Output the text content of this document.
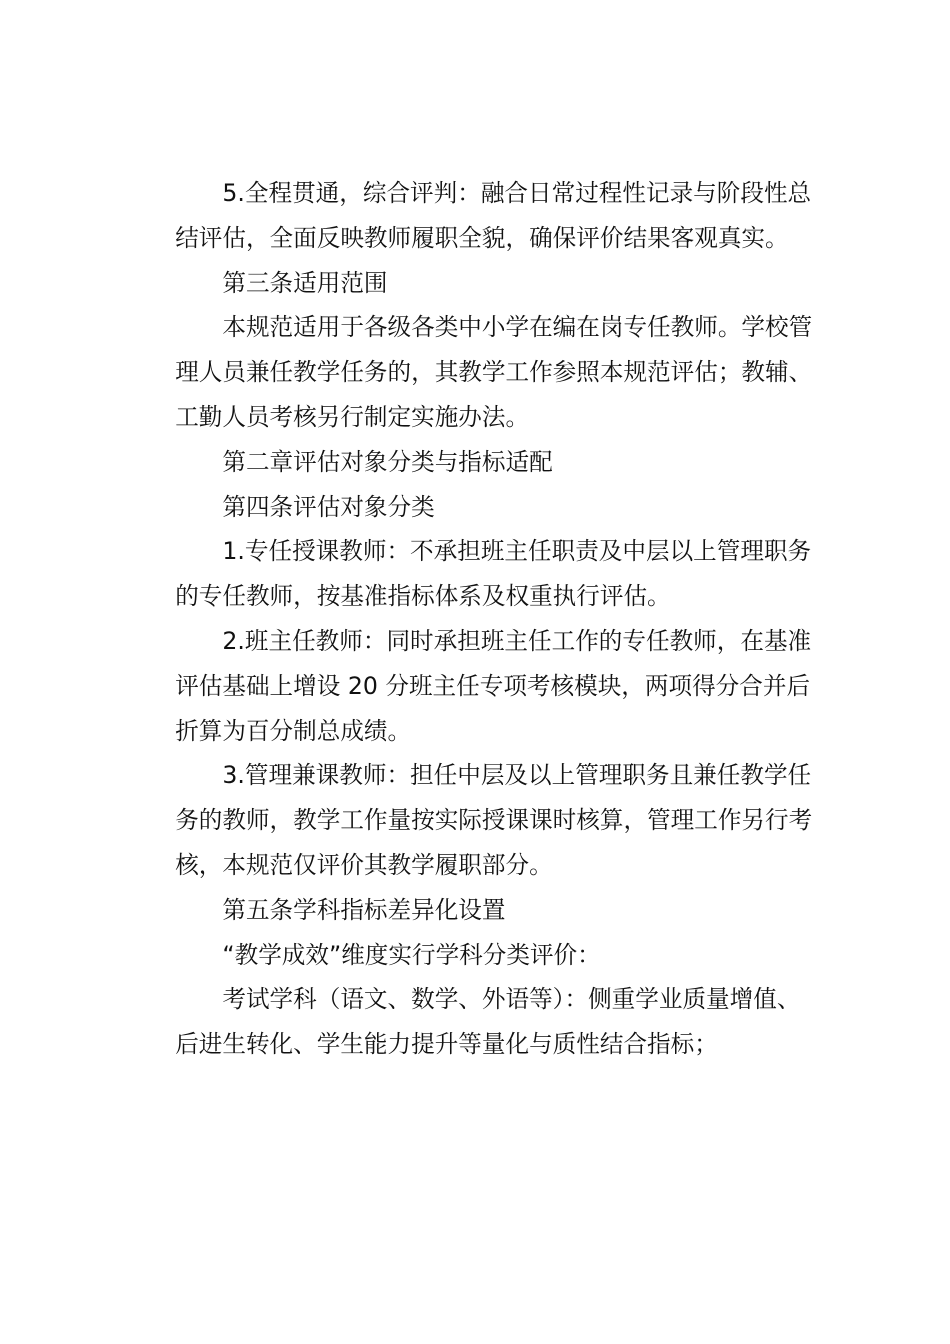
5.全程贯通，综合评判：融合日常过程性记录与阶段性总
结评估，全面反映教师履职全貌，确保评价结果客观真实。

第三条适用范围

本规范适用于各级各类中小学在编在岗专任教师。学校管
理人员兼任教学任务的，其教学工作参照本规范评估；教辅、
工勤人员考核另行制定实施办法。

第二章评估对象分类与指标适配

第四条评估对象分类

1.专任授课教师：不承担班主任职责及中层以上管理职务
的专任教师，按基准指标体系及权重执行评估。

2.班主任教师：同时承担班主任工作的专任教师，在基准
评估基础上增设 20 分班主任专项考核模块，两项得分合并后
折算为百分制总成绩。

3.管理兼课教师：担任中层及以上管理职务且兼任教学任
务的教师，教学工作量按实际授课课时核算，管理工作另行考
核，本规范仅评价其教学履职部分。

第五条学科指标差异化设置

“教学成效”维度实行学科分类评价：

考试学科（语文、数学、外语等）：侧重学业质量增值、
后进生转化、学生能力提升等量化与质性结合指标；
